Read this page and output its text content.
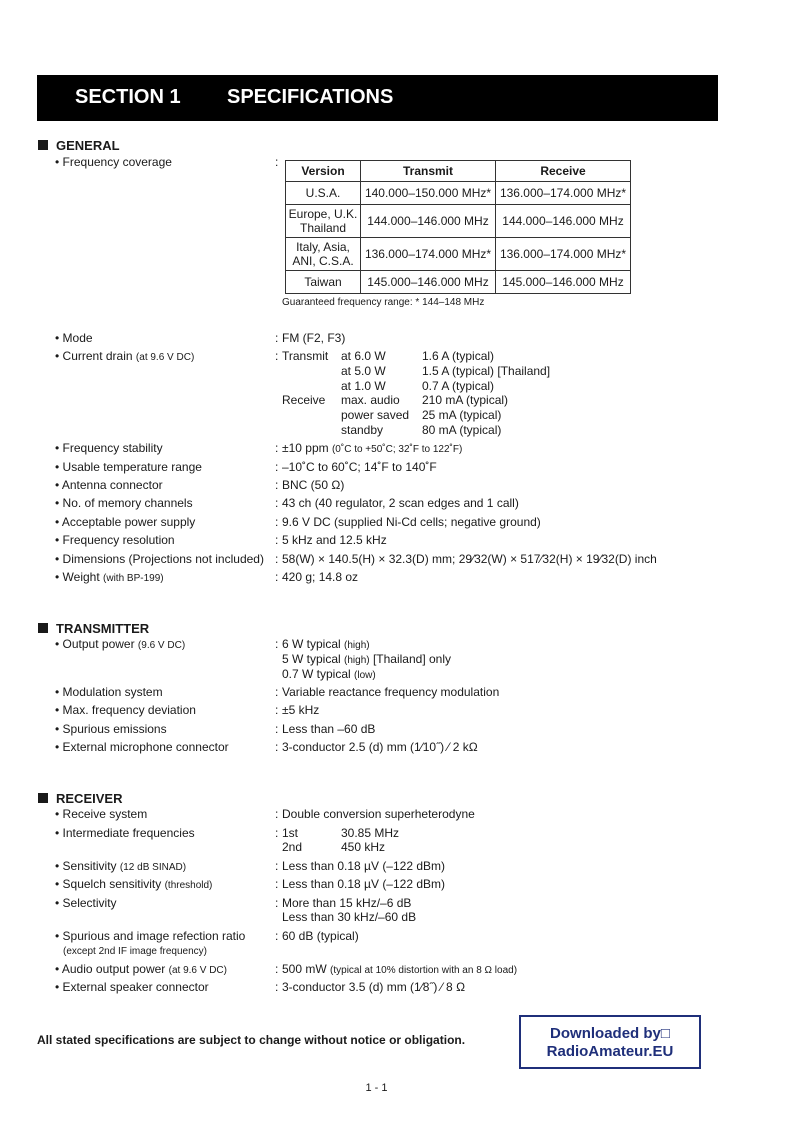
SECTION 1 SPECIFICATIONS
GENERAL
• Frequency coverage	:
Version	Transmit	Receive
U.S.A.	140.000–150.000 MHz*	136.000–174.000 MHz*
Europe, U.K.
Thailand	144.000–146.000 MHz	144.000–146.000 MHz
Italy, Asia,
ANI, C.S.A.	136.000–174.000 MHz*	136.000–174.000 MHz*
Taiwan	145.000–146.000 MHz	145.000–146.000 MHz
Guaranteed frequency range: * 144–148 MHz
• Mode	: FM (F2, F3)
• Current drain (at 9.6 V DC)	: Transmit at 6.0 W	1.6 A (typical)
at 5.0 W	1.5 A (typical) [Thailand]
at 1.0 W	0.7 A (typical)
Receive max. audio 210 mA (typical)
power saved 25 mA (typical)
standby	80 mA (typical)
• Frequency stability	: ±10 ppm (0˚C to +50˚C; 32˚F to 122˚F)
• Usable temperature range	: –10˚C to 60˚C; 14˚F to 140˚F
• Antenna connector	: BNC (50 Ω)
• No. of memory channels	: 43 ch (40 regulator, 2 scan edges and 1 call)
• Acceptable power supply	: 9.6 V DC (supplied Ni-Cd cells; negative ground)
• Frequency resolution	: 5 kHz and 12.5 kHz
• Dimensions (Projections not included) : 58(W) × 140.5(H) × 32.3(D) mm; 29⁄32(W) × 517⁄32(H) × 19⁄32(D) inch
• Weight (with BP-199)	: 420 g; 14.8 oz
TRANSMITTER
• Output power (9.6 V DC)	: 6 W typical (high)
5 W typical (high) [Thailand] only
0.7 W typical (low)
• Modulation system	: Variable reactance frequency modulation
• Max. frequency deviation	: ±5 kHz
• Spurious emissions	: Less than –60 dB
• External microphone connector	: 3-conductor 2.5 (d) mm (1⁄10˝) ⁄ 2 kΩ
RECEIVER
• Receive system	: Double conversion superheterodyne
• Intermediate frequencies	: 1st	30.85 MHz
2nd	450 kHz
• Sensitivity (12 dB SINAD)	: Less than 0.18 µV (–122 dBm)
• Squelch sensitivity (threshold)	: Less than 0.18 µV (–122 dBm)
• Selectivity	: More than 15 kHz/–6 dB
Less than 30 kHz/–60 dB
• Spurious and image refection ratio
(except 2nd IF image frequency)
: 60 dB (typical)
• Audio output power (at 9.6 V DC)	: 500 mW (typical at 10% distortion with an 8 Ω load)
• External speaker connector	: 3-conductor 3.5 (d) mm (1⁄8˝) ⁄ 8 Ω
All stated specifications are subject to change without notice or obligation.	Downloaded by□
RadioAmateur.EU
1 - 1
